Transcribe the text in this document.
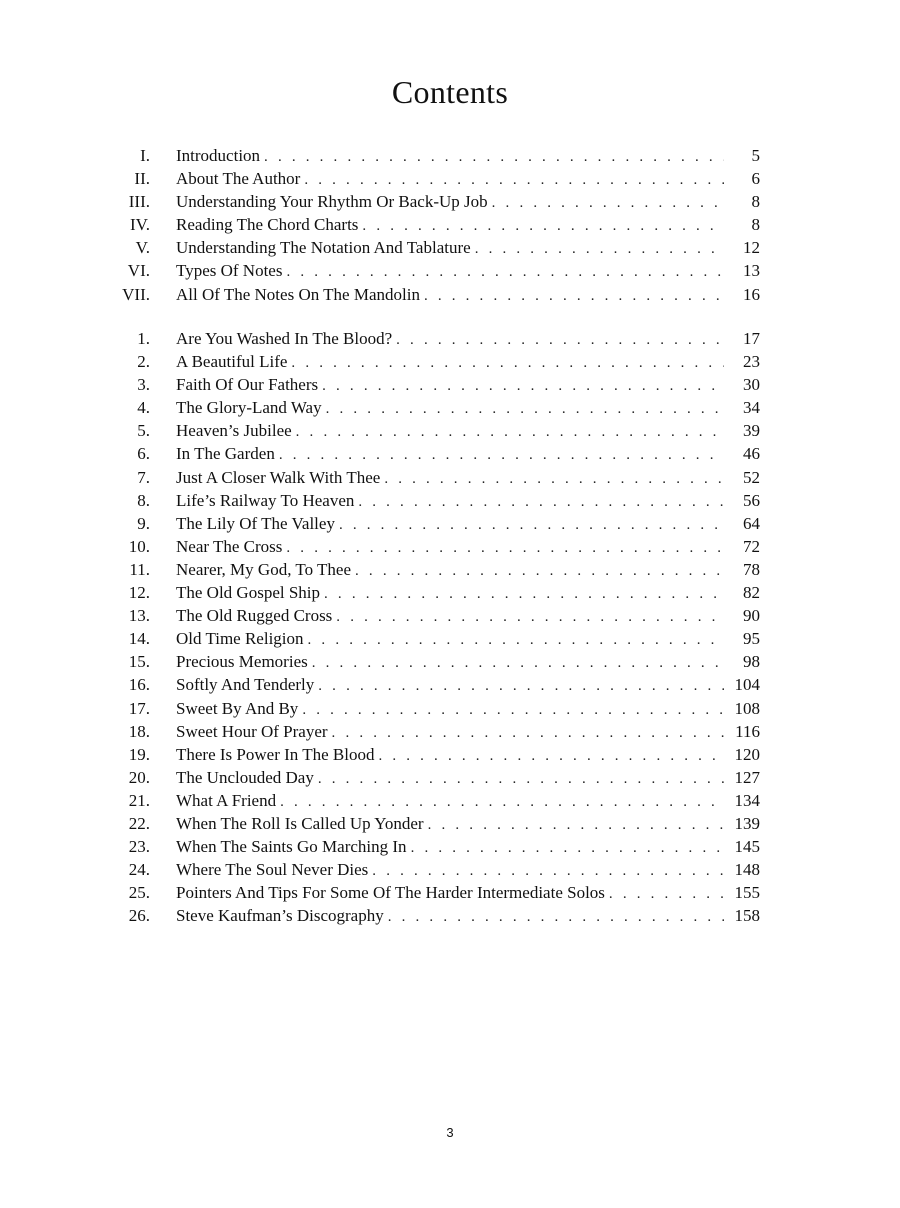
Contents
I. Introduction . . .	5
II. About The Author . . .	6
III. Understanding Your Rhythm Or Back-Up Job . . .	8
IV. Reading The Chord Charts . . .	8
V. Understanding The Notation And Tablature . . .	12
VI. Types Of Notes . . .	13
VII. All Of The Notes On The Mandolin . . .	16
1. Are You Washed In The Blood? . . .	17
2. A Beautiful Life . . .	23
3. Faith Of Our Fathers . . .	30
4. The Glory-Land Way . . .	34
5. Heaven’s Jubilee . . .	39
6. In The Garden . . .	46
7. Just A Closer Walk With Thee . . .	52
8. Life’s Railway To Heaven . . .	56
9. The Lily Of The Valley . . .	64
10. Near The Cross . . .	72
11. Nearer, My God, To Thee . . .	78
12. The Old Gospel Ship . . .	82
13. The Old Rugged Cross . . .	90
14. Old Time Religion . . .	95
15. Precious Memories . . .	98
16. Softly And Tenderly . . .	104
17. Sweet By And By . . .	108
18. Sweet Hour Of Prayer . . .	116
19. There Is Power In The Blood . . .	120
20. The Unclouded Day . . .	127
21. What A Friend . . .	134
22. When The Roll Is Called Up Yonder . . .	139
23. When The Saints Go Marching In . . .	145
24. Where The Soul Never Dies . . .	148
25. Pointers And Tips For Some Of The Harder Intermediate Solos . . .	155
26. Steve Kaufman’s Discography . . .	158
3
